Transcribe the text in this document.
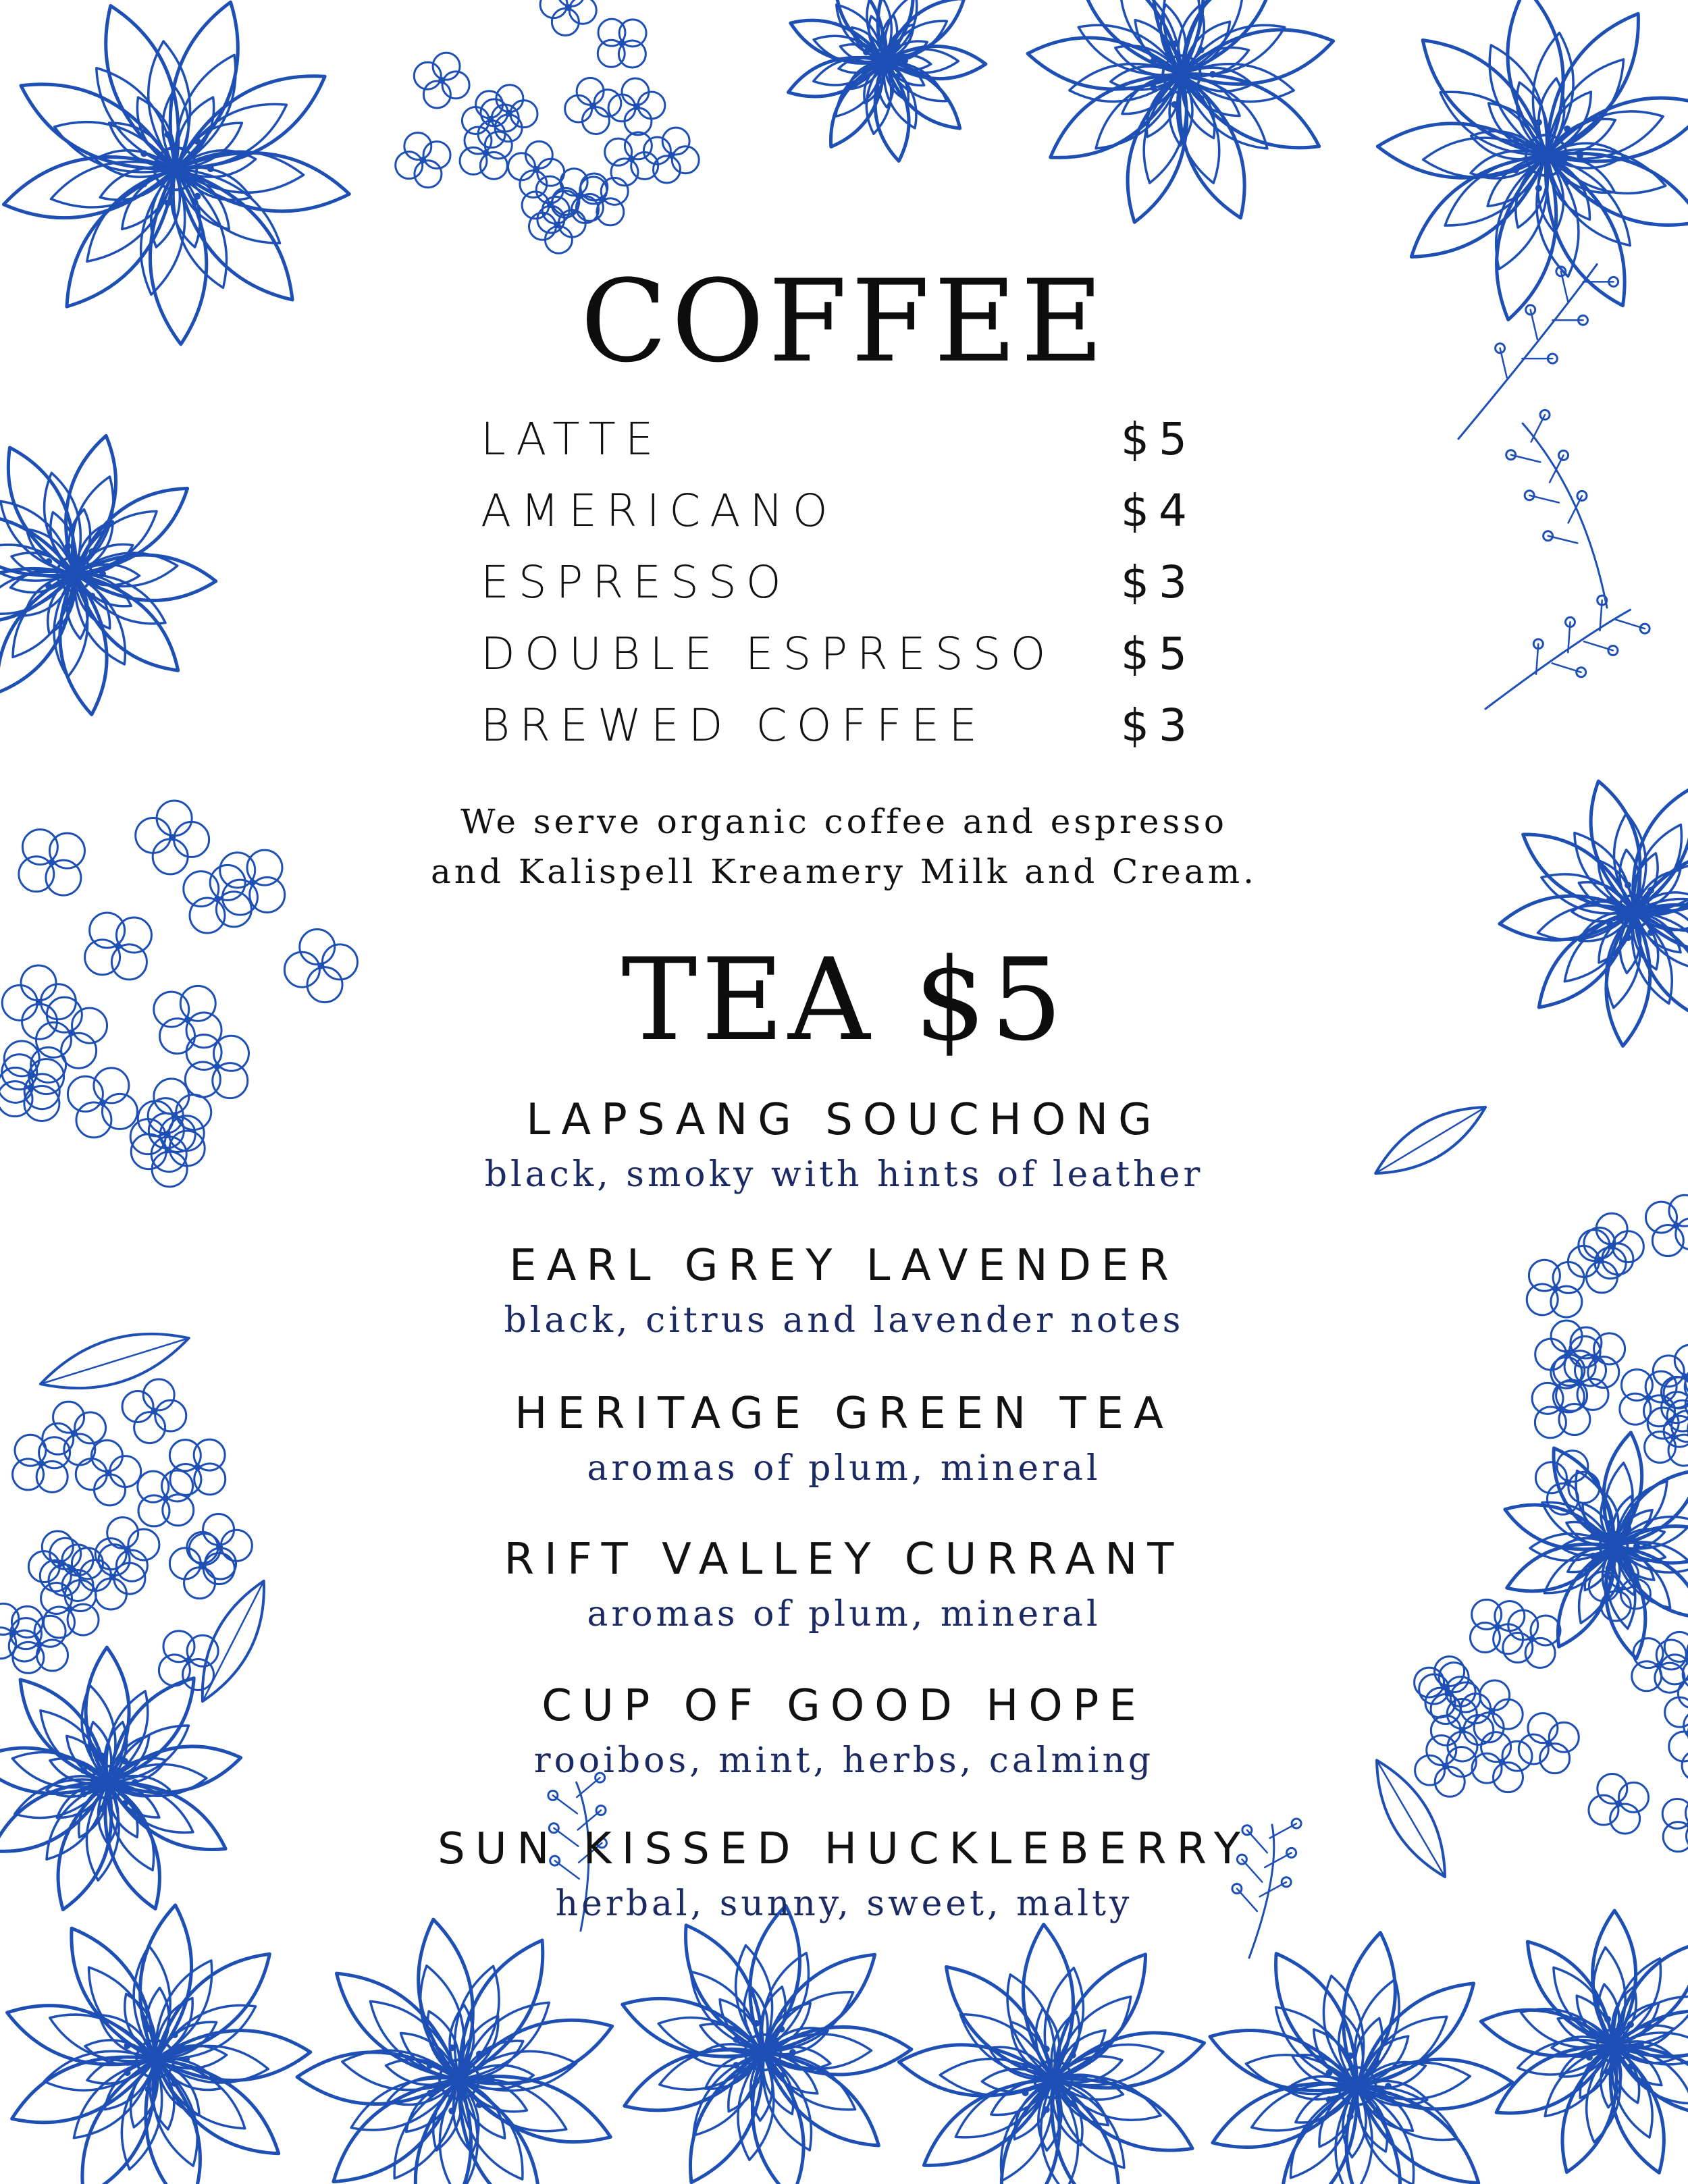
COFFEE
LATTE	$5
AMERICANO	$4
ESPRESSO	$3
DOUBLE ESPRESSO $5
BREWED COFFEE	$3
We serve organic coffee and espresso
and Kalispell Kreamery Milk and Cream.
TEA $5
LAPSANG SOUCHONG
black, smoky with hints of leather
EARL GREY LAVENDER
black, citrus and lavender notes
HERITAGE GREEN TEA
aromas of plum, mineral
RIFT VALLEY CURRANT
aromas of plum, mineral
CUP OF GOOD HOPE
rooibos, mint, herbs, calming
SUN KISSED HUCKLEBERRY
herbal, sunny, sweet, malty
